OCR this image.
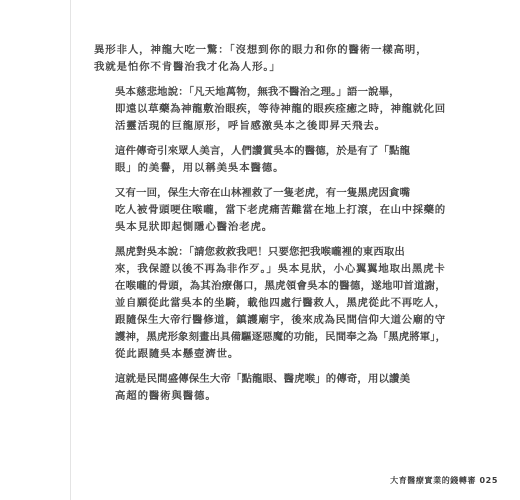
異形非人，神龍大吃一驚：「沒想到你的眼力和你的醫術一樣高明，
我就是怕你不肯醫治我才化為人形。」
吳本慈悲地說：「凡天地萬物，無我不醫治之理。」語一說畢，
即遠以草藥為神龍敷治眼疾，等待神龍的眼疾痊癒之時，神龍就化回
活靈活現的巨龍原形，呼旨感激吳本之後即昇天飛去。
這件傳奇引來眾人美言，人們讚賞吳本的醫德，於是有了「點龍
眼」的美譽，用以稱美吳本醫德。
又有一回，保生大帝在山林裡救了一隻老虎，有一隻黑虎因貪嘴
吃人被骨頭哽住喉嚨，當下老虎痛苦難當在地上打滾，在山中採藥的
吳本見狀即起惻隱心醫治老虎。
黑虎對吳本說：「請您救救我吧！只要您把我喉嚨裡的東西取出
來，我保證以後不再為非作歹。」吳本見狀，小心翼翼地取出黑虎卡
在喉嚨的骨頭，為其治療傷口，黑虎領會吳本的醫德，遂地叩首道謝，
並自願從此當吳本的坐騎，載他四處行醫救人，黑虎從此不再吃人，
跟隨保生大帝行醫修道，鎮護廟宇，後來成為民間信仰大道公廟的守
護神，黑虎形象刻畫出具備驅逐惡魔的功能，民間奉之為「黑虎將軍」，
從此跟隨吳本懸壺濟世。
這就是民間盛傳保生大帝「點龍眼、醫虎喉」的傳奇，用以讚美
高超的醫術與醫德。
大育醫療實業的錢轉審 025
